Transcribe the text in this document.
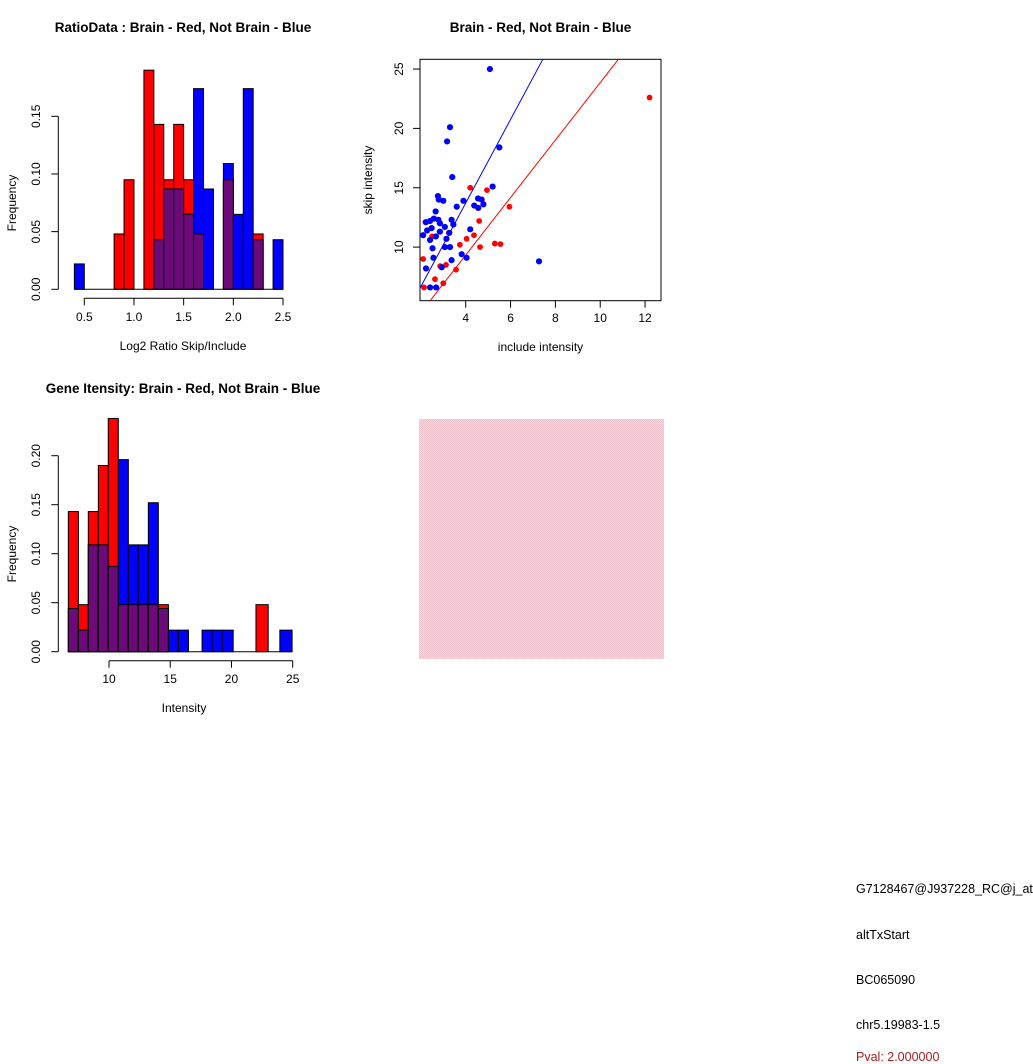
0.5	1.0	1.5	2.0	2.5
0.00
0.05
0.10
0.15
RatioData : Brain - Red, Not Brain - Blue
Log2 Ratio Skip/Include
Frequency
4	6	8	10	12
10
15
20
25
Brain - Red, Not Brain - Blue
include intensity
skip intensity
10	15	20	25
0.00
0.05
0.10
0.15
0.20
Gene Itensity: Brain - Red, Not Brain - Blue
Intensity
Frequency
G7128467@J937228_RC@j_at
altTxStart
BC065090
chr5.19983-1.5
Pval: 2.000000
